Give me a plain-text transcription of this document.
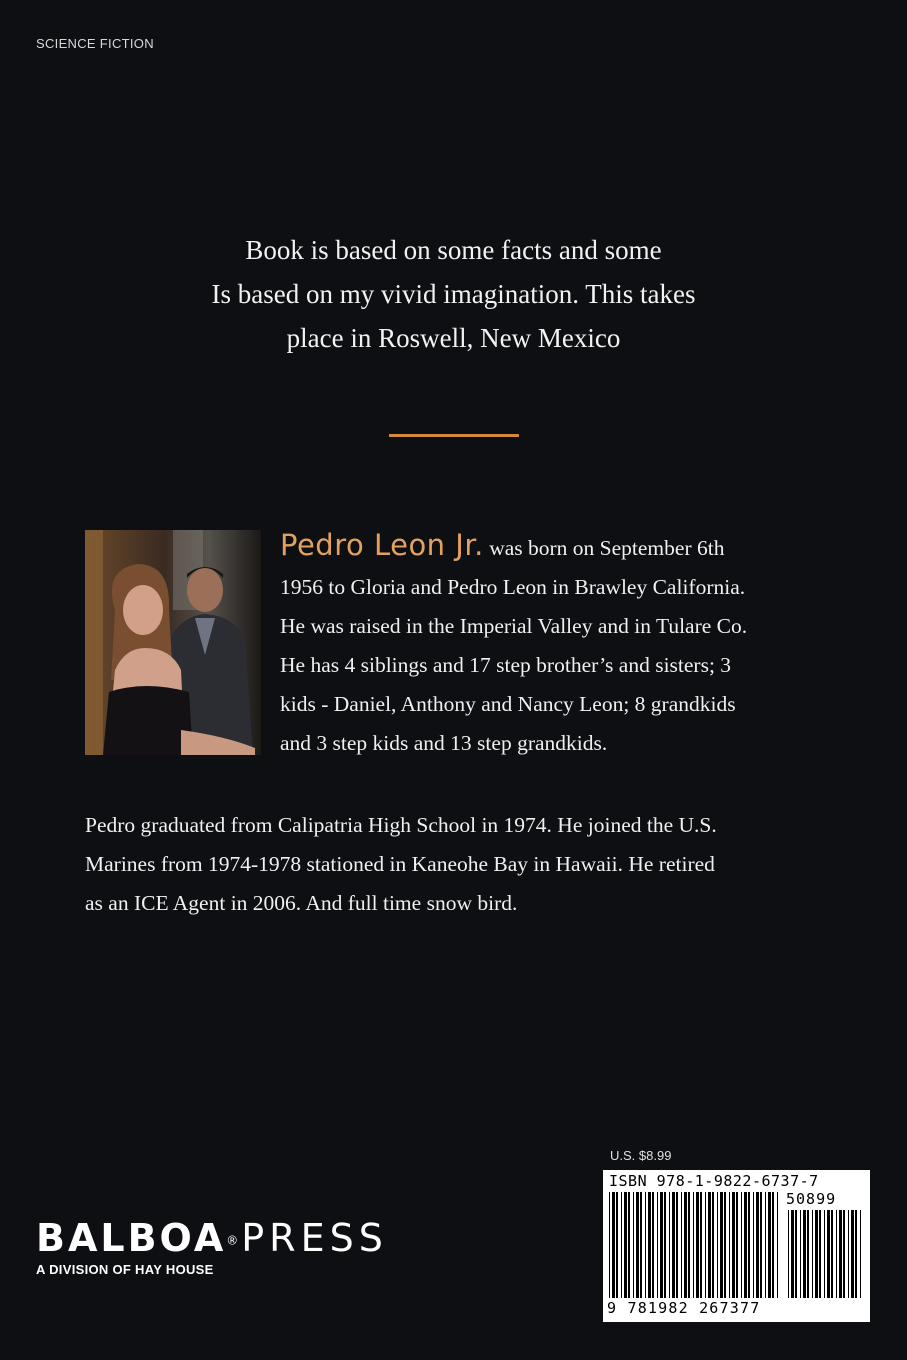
SCIENCE FICTION
Book is based on some facts and some
Is based on my vivid imagination. This takes
place in Roswell, New Mexico
Pedro Leon Jr. was born on September 6th
1956 to Gloria and Pedro Leon in Brawley California.
He was raised in the Imperial Valley and in Tulare Co.
He has 4 siblings and 17 step brother’s and sisters; 3
kids - Daniel, Anthony and Nancy Leon; 8 grandkids
and 3 step kids and 13 step grandkids.
Pedro graduated from Calipatria High School in 1974. He joined the U.S.
Marines from 1974-1978 stationed in Kaneohe Bay in Hawaii. He retired
as an ICE Agent in 2006. And full time snow bird.
BALBOA®PRESS
A DIVISION OF HAY HOUSE
U.S. $8.99
ISBN 978-1-9822-6737-7
50899
9 781982 267377
